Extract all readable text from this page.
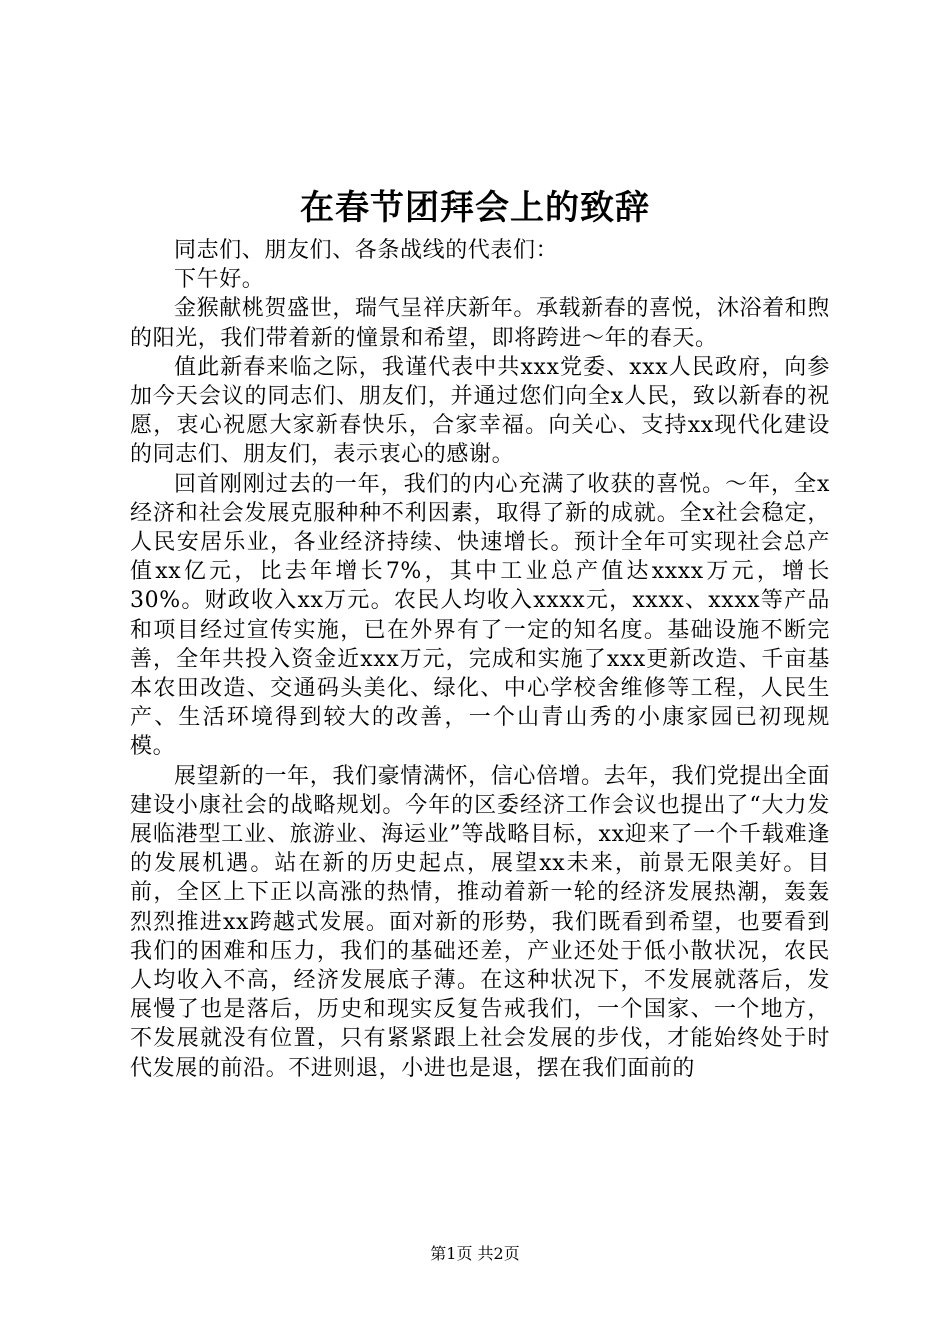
在春节团拜会上的致辞

同志们、朋友们、各条战线的代表们：

下午好。

金猴献桃贺盛世，瑞气呈祥庆新年。承载新春的喜悦，沐浴着和煦的阳光，我们带着新的憧景和希望，即将跨进～年的春天。

值此新春来临之际，我谨代表中共xxx党委、xxx人民政府，向参加今天会议的同志们、朋友们，并通过您们向全x人民，致以新春的祝愿，衷心祝愿大家新春快乐，合家幸福。向关心、支持xx现代化建设的同志们、朋友们，表示衷心的感谢。

回首刚刚过去的一年，我们的内心充满了收获的喜悦。～年，全x经济和社会发展克服种种不利因素，取得了新的成就。全x社会稳定，人民安居乐业，各业经济持续、快速增长。预计全年可实现社会总产值xx亿元，比去年增长7%，其中工业总产值达xxxx万元，增长30%。财政收入xx万元。农民人均收入xxxx元，xxxx、xxxx等产品和项目经过宣传实施，已在外界有了一定的知名度。基础设施不断完善，全年共投入资金近xxx万元，完成和实施了xxx更新改造、千亩基本农田改造、交通码头美化、绿化、中心学校舍维修等工程，人民生产、生活环境得到较大的改善，一个山青山秀的小康家园已初现规模。

展望新的一年，我们豪情满怀，信心倍增。去年，我们党提出全面建设小康社会的战略规划。今年的区委经济工作会议也提出了“大力发展临港型工业、旅游业、海运业”等战略目标，xx迎来了一个千载难逢的发展机遇。站在新的历史起点，展望xx未来，前景无限美好。目前，全区上下正以高涨的热情，推动着新一轮的经济发展热潮，轰轰烈烈推进xx跨越式发展。面对新的形势，我们既看到希望，也要看到我们的困难和压力，我们的基础还差，产业还处于低小散状况，农民人均收入不高，经济发展底子薄。在这种状况下，不发展就落后，发展慢了也是落后，历史和现实反复告戒我们，一个国家、一个地方，不发展就没有位置，只有紧紧跟上社会发展的步伐，才能始终处于时代发展的前沿。不进则退，小进也是退，摆在我们面前的

第1页 共2页
